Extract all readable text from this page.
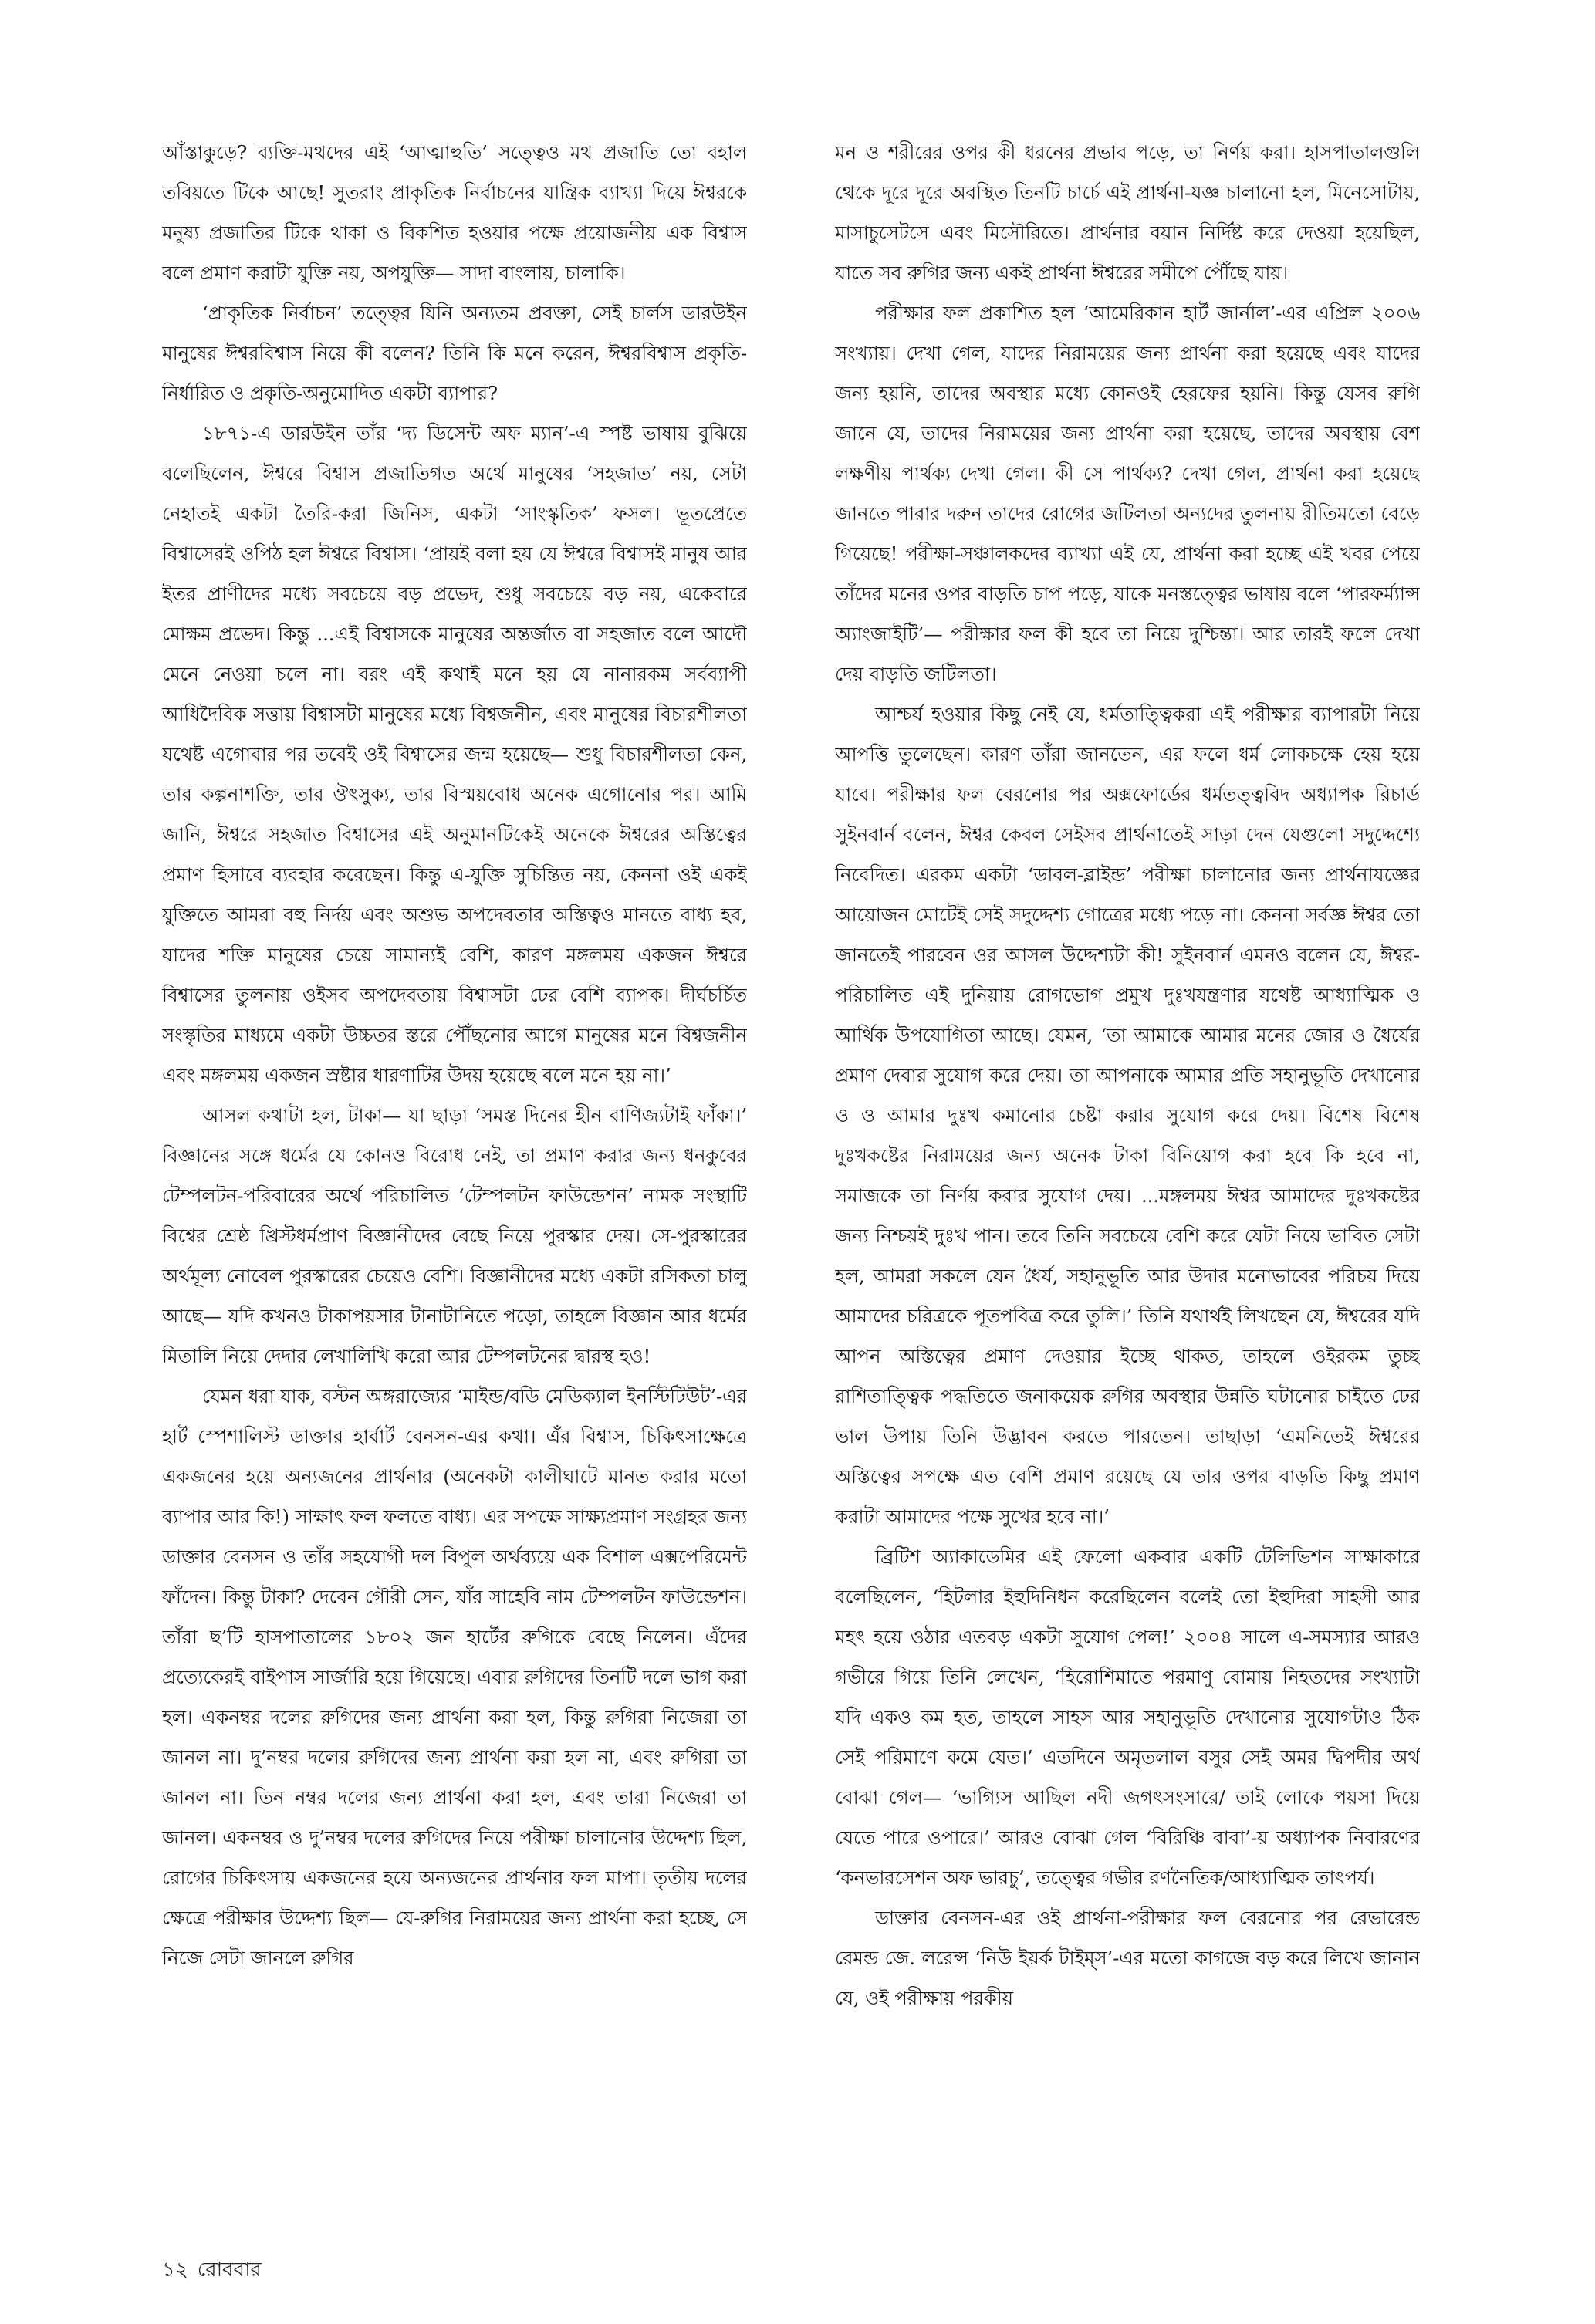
আঁস্তাকুড়ে? ব্যক্তি-মথদের এই ‘আত্মাহুতি’ সত্ত্বেও মথ প্রজাতি তো বহাল তবিয়তে টিকে আছে! সুতরাং প্রাকৃতিক নির্বাচনের যান্ত্রিক ব্যাখ্যা দিয়ে ঈশ্বরকে মনুষ্য প্রজাতির টিকে থাকা ও বিকশিত হওয়ার পক্ষে প্রয়োজনীয় এক বিশ্বাস বলে প্রমাণ করাটা যুক্তি নয়, অপযুক্তি— সাদা বাংলায়, চালাকি।

‘প্রাকৃতিক নির্বাচন’ তত্ত্বের যিনি অন্যতম প্রবক্তা, সেই চার্লস ডারউইন মানুষের ঈশ্বরবিশ্বাস নিয়ে কী বলেন? তিনি কি মনে করেন, ঈশ্বরবিশ্বাস প্রকৃতি-নির্ধারিত ও প্রকৃতি-অনুমোদিত একটা ব্যাপার?

১৮৭১-এ ডারউইন তাঁর ‘দ্য ডিসেন্ট অফ ম্যান’-এ স্পষ্ট ভাষায় বুঝিয়ে বলেছিলেন, ঈশ্বরে বিশ্বাস প্রজাতিগত অর্থে মানুষের ‘সহজাত’ নয়, সেটা নেহাতই একটা তৈরি-করা জিনিস, একটা ‘সাংস্কৃতিক’ ফসল। ভূতপ্রেতে বিশ্বাসেরই ওপিঠ হল ঈশ্বরে বিশ্বাস। ‘প্রায়ই বলা হয় যে ঈশ্বরে বিশ্বাসই মানুষ আর ইতর প্রাণীদের মধ্যে সবচেয়ে বড় প্রভেদ, শুধু সবচেয়ে বড় নয়, একেবারে মোক্ষম প্রভেদ। কিন্তু ...এই বিশ্বাসকে মানুষের অন্তর্জাত বা সহজাত বলে আদৌ মেনে নেওয়া চলে না। বরং এই কথাই মনে হয় যে নানারকম সর্বব্যাপী আধিদৈবিক সত্তায় বিশ্বাসটা মানুষের মধ্যে বিশ্বজনীন, এবং মানুষের বিচারশীলতা যথেষ্ট এগোবার পর তবেই ওই বিশ্বাসের জন্ম হয়েছে— শুধু বিচারশীলতা কেন, তার কল্পনাশক্তি, তার ঔৎসুক্য, তার বিস্ময়বোধ অনেক এগোনোর পর। আমি জানি, ঈশ্বরে সহজাত বিশ্বাসের এই অনুমানটিকেই অনেকে ঈশ্বরের অস্তিত্বের প্রমাণ হিসাবে ব্যবহার করেছেন। কিন্তু এ-যুক্তি সুচিন্তিত নয়, কেননা ওই একই যুক্তিতে আমরা বহু নির্দয় এবং অশুভ অপদেবতার অস্তিত্বও মানতে বাধ্য হব, যাদের শক্তি মানুষের চেয়ে সামান্যই বেশি, কারণ মঙ্গলময় একজন ঈশ্বরে বিশ্বাসের তুলনায় ওইসব অপদেবতায় বিশ্বাসটা ঢের বেশি ব্যাপক। দীর্ঘচর্চিত সংস্কৃতির মাধ্যমে একটা উচ্চতর স্তরে পৌঁছনোর আগে মানুষের মনে বিশ্বজনীন এবং মঙ্গলময় একজন স্রষ্টার ধারণাটির উদয় হয়েছে বলে মনে হয় না।’

আসল কথাটা হল, টাকা— যা ছাড়া ‘সমস্ত দিনের হীন বাণিজ্যটাই ফাঁকা।’ বিজ্ঞানের সঙ্গে ধর্মের যে কোনও বিরোধ নেই, তা প্রমাণ করার জন্য ধনকুবের টেম্পলটন-পরিবারের অর্থে পরিচালিত ‘টেম্পলটন ফাউন্ডেশন’ নামক সংস্থাটি বিশ্বের শ্রেষ্ঠ খ্রিস্টধর্মপ্রাণ বিজ্ঞানীদের বেছে নিয়ে পুরস্কার দেয়। সে-পুরস্কারের অর্থমূল্য নোবেল পুরস্কারের চেয়েও বেশি। বিজ্ঞানীদের মধ্যে একটা রসিকতা চালু আছে— যদি কখনও টাকাপয়সার টানাটানিতে পড়ো, তাহলে বিজ্ঞান আর ধর্মের মিতালি নিয়ে দেদার লেখালিখি করো আর টেম্পলটনের দ্বারস্থ হও!

যেমন ধরা যাক, বস্টন অঙ্গরাজ্যের ‘মাইন্ড/বডি মেডিক্যাল ইনস্টিটিউট’-এর হার্ট স্পেশালিস্ট ডাক্তার হার্বার্ট বেনসন-এর কথা। এঁর বিশ্বাস, চিকিৎসাক্ষেত্রে একজনের হয়ে অন্যজনের প্রার্থনার (অনেকটা কালীঘাটে মানত করার মতো ব্যাপার আর কি!) সাক্ষাৎ ফল ফলতে বাধ্য। এর সপক্ষে সাক্ষ্যপ্রমাণ সংগ্রহর জন্য ডাক্তার বেনসন ও তাঁর সহযোগী দল বিপুল অর্থব্যয়ে এক বিশাল এক্সপেরিমেন্ট ফাঁদেন। কিন্তু টাকা? দেবেন গৌরী সেন, যাঁর সাহেবি নাম টেম্পলটন ফাউন্ডেশন। তাঁরা ছ’টি হাসপাতালের ১৮০২ জন হার্টের রুগিকে বেছে নিলেন। এঁদের প্রত্যেকেরই বাইপাস সার্জারি হয়ে গিয়েছে। এবার রুগিদের তিনটি দলে ভাগ করা হল। একনম্বর দলের রুগিদের জন্য প্রার্থনা করা হল, কিন্তু রুগিরা নিজেরা তা জানল না। দু’নম্বর দলের রুগিদের জন্য প্রার্থনা করা হল না, এবং রুগিরা তা জানল না। তিন নম্বর দলের জন্য প্রার্থনা করা হল, এবং তারা নিজেরা তা জানল। একনম্বর ও দু’নম্বর দলের রুগিদের নিয়ে পরীক্ষা চালানোর উদ্দেশ্য ছিল, রোগের চিকিৎসায় একজনের হয়ে অন্যজনের প্রার্থনার ফল মাপা। তৃতীয় দলের ক্ষেত্রে পরীক্ষার উদ্দেশ্য ছিল— যে-রুগির নিরাময়ের জন্য প্রার্থনা করা হচ্ছে, সে নিজে সেটা জানলে রুগির

মন ও শরীরের ওপর কী ধরনের প্রভাব পড়ে, তা নির্ণয় করা। হাসপাতালগুলি থেকে দূরে দূরে অবস্থিত তিনটি চার্চে এই প্রার্থনা-যজ্ঞ চালানো হল, মিনেসোটায়, মাসাচুসেটসে এবং মিসৌরিতে। প্রার্থনার বয়ান নির্দিষ্ট করে দেওয়া হয়েছিল, যাতে সব রুগির জন্য একই প্রার্থনা ঈশ্বরের সমীপে পৌঁছে যায়।

পরীক্ষার ফল প্রকাশিত হল ‘আমেরিকান হার্ট জার্নাল’-এর এপ্রিল ২০০৬ সংখ্যায়। দেখা গেল, যাদের নিরাময়ের জন্য প্রার্থনা করা হয়েছে এবং যাদের জন্য হয়নি, তাদের অবস্থার মধ্যে কোনওই হেরফের হয়নি। কিন্তু যেসব রুগি জানে যে, তাদের নিরাময়ের জন্য প্রার্থনা করা হয়েছে, তাদের অবস্থায় বেশ লক্ষণীয় পার্থক্য দেখা গেল। কী সে পার্থক্য? দেখা গেল, প্রার্থনা করা হয়েছে জানতে পারার দরুন তাদের রোগের জটিলতা অন্যদের তুলনায় রীতিমতো বেড়ে গিয়েছে! পরীক্ষা-সঞ্চালকদের ব্যাখ্যা এই যে, প্রার্থনা করা হচ্ছে এই খবর পেয়ে তাঁদের মনের ওপর বাড়তি চাপ পড়ে, যাকে মনস্তত্ত্বের ভাষায় বলে ‘পারফর্ম্যান্স অ্যাংজাইটি’— পরীক্ষার ফল কী হবে তা নিয়ে দুশ্চিন্তা। আর তারই ফলে দেখা দেয় বাড়তি জটিলতা।

আশ্চর্য হওয়ার কিছু নেই যে, ধর্মতাত্ত্বিকরা এই পরীক্ষার ব্যাপারটা নিয়ে আপত্তি তুলেছেন। কারণ তাঁরা জানতেন, এর ফলে ধর্ম লোকচক্ষে হেয় হয়ে যাবে। পরীক্ষার ফল বেরনোর পর অক্সফোর্ডের ধর্মতত্ত্ববিদ অধ্যাপক রিচার্ড সুইনবার্ন বলেন, ঈশ্বর কেবল সেইসব প্রার্থনাতেই সাড়া দেন যেগুলো সদুদ্দেশ্যে নিবেদিত। এরকম একটা ‘ডাবল-ব্লাইন্ড’ পরীক্ষা চালানোর জন্য প্রার্থনাযজ্ঞের আয়োজন মোটেই সেই সদুদ্দেশ্য গোত্রের মধ্যে পড়ে না। কেননা সর্বজ্ঞ ঈশ্বর তো জানতেই পারবেন ওর আসল উদ্দেশ্যটা কী! সুইনবার্ন এমনও বলেন যে, ঈশ্বর-পরিচালিত এই দুনিয়ায় রোগভোগ প্রমুখ দুঃখযন্ত্রণার যথেষ্ট আধ্যাত্মিক ও আর্থিক উপযোগিতা আছে। যেমন, ‘তা আমাকে আমার মনের জোর ও ধৈর্যের প্রমাণ দেবার সুযোগ করে দেয়। তা আপনাকে আমার প্রতি সহানুভূতি দেখানোর ও ও আমার দুঃখ কমানোর চেষ্টা করার সুযোগ করে দেয়। বিশেষ বিশেষ দুঃখকষ্টের নিরাময়ের জন্য অনেক টাকা বিনিয়োগ করা হবে কি হবে না, সমাজকে তা নির্ণয় করার সুযোগ দেয়। ...মঙ্গলময় ঈশ্বর আমাদের দুঃখকষ্টের জন্য নিশ্চয়ই দুঃখ পান। তবে তিনি সবচেয়ে বেশি করে যেটা নিয়ে ভাবিত সেটা হল, আমরা সকলে যেন ধৈর্য, সহানুভূতি আর উদার মনোভাবের পরিচয় দিয়ে আমাদের চরিত্রকে পূতপবিত্র করে তুলি।’ তিনি যথার্থই লিখছেন যে, ঈশ্বরের যদি আপন অস্তিত্বের প্রমাণ দেওয়ার ইচ্ছে থাকত, তাহলে ওইরকম তুচ্ছ রাশিতাত্ত্বিক পদ্ধতিতে জনাকয়েক রুগির অবস্থার উন্নতি ঘটানোর চাইতে ঢের ভাল উপায় তিনি উদ্ভাবন করতে পারতেন। তাছাড়া ‘এমনিতেই ঈশ্বরের অস্তিত্বের সপক্ষে এত বেশি প্রমাণ রয়েছে যে তার ওপর বাড়তি কিছু প্রমাণ করাটা আমাদের পক্ষে সুখের হবে না।’

ব্রিটিশ অ্যাকাডেমির এই ফেলো একবার একটি টেলিভিশন সাক্ষাকারে বলেছিলেন, ‘হিটলার ইহুদিনিধন করেছিলেন বলেই তো ইহুদিরা সাহসী আর মহৎ হয়ে ওঠার এতবড় একটা সুযোগ পেল!’ ২০০৪ সালে এ-সমস্যার আরও গভীরে গিয়ে তিনি লেখেন, ‘হিরোশিমাতে পরমাণু বোমায় নিহতদের সংখ্যাটা যদি একও কম হত, তাহলে সাহস আর সহানুভূতি দেখানোর সুযোগটাও ঠিক সেই পরিমাণে কমে যেত।’ এতদিনে অমৃতলাল বসুর সেই অমর দ্বিপদীর অর্থ বোঝা গেল— ‘ভাগ্যিস আছিল নদী জগৎসংসারে/ তাই লোকে পয়সা দিয়ে যেতে পারে ওপারে।’ আরও বোঝা গেল ‘বিরিঞ্চি বাবা’-য় অধ্যাপক নিবারণের ‘কনভারসেশন অফ ভারচু’, তত্ত্বের গভীর রণনৈতিক/আধ্যাত্মিক তাৎপর্য।

ডাক্তার বেনসন-এর ওই প্রার্থনা-পরীক্ষার ফল বেরনোর পর রেভারেন্ড রেমন্ড জে. লরেন্স ‘নিউ ইয়র্ক টাইম্‌স’-এর মতো কাগজে বড় করে লিখে জানান যে, ওই পরীক্ষায় পরকীয়

১২ রোববার
